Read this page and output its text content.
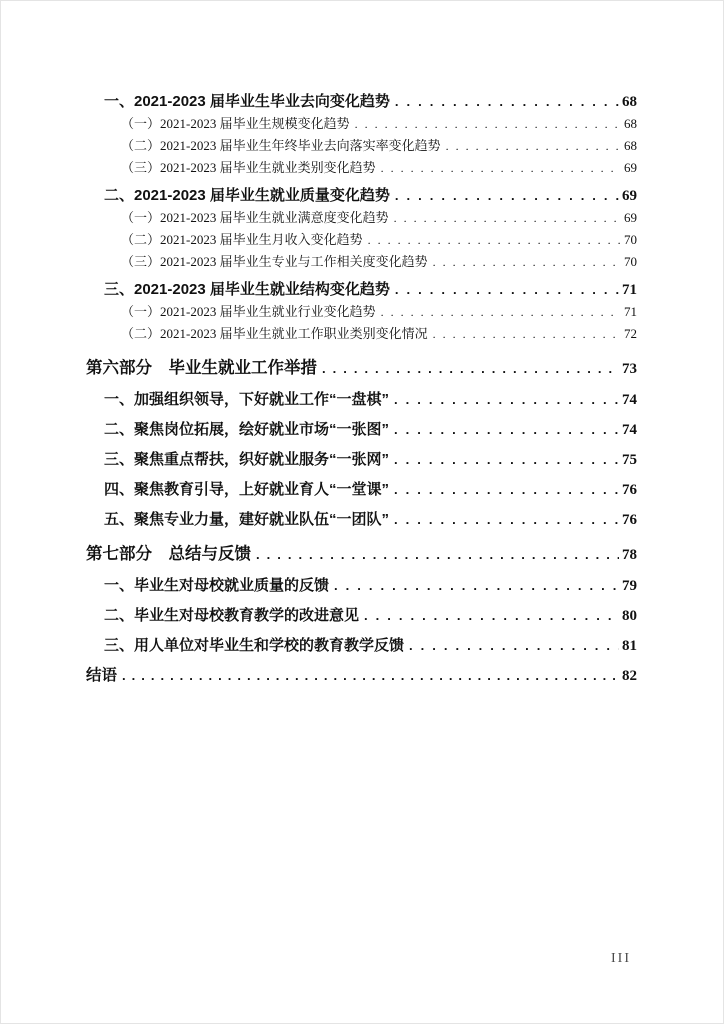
一、2021-2023 届毕业生毕业去向变化趋势 .....	68
（一）2021-2023 届毕业生规模变化趋势 .....	68
（二）2021-2023 届毕业生年终毕业去向落实率变化趋势 .....	68
（三）2021-2023 届毕业生就业类别变化趋势 .....	69
二、2021-2023 届毕业生就业质量变化趋势 .....	69
（一）2021-2023 届毕业生就业满意度变化趋势 .....	69
（二）2021-2023 届毕业生月收入变化趋势 .....	70
（三）2021-2023 届毕业生专业与工作相关度变化趋势 .....	70
三、2021-2023 届毕业生就业结构变化趋势 .....	71
（一）2021-2023 届毕业生就业行业变化趋势 .....	71
（二）2021-2023 届毕业生就业工作职业类别变化情况 .....	72
第六部分　毕业生就业工作举措 .....	73
一、加强组织领导，下好就业工作“一盘棋” .....	74
二、聚焦岗位拓展，绘好就业市场“一张图” .....	74
三、聚焦重点帮扶，织好就业服务“一张网” .....	75
四、聚焦教育引导，上好就业育人“一堂课” .....	76
五、聚焦专业力量，建好就业队伍“一团队” .....	76
第七部分　总结与反馈 .....	78
一、毕业生对母校就业质量的反馈 .....	79
二、毕业生对母校教育教学的改进意见 .....	80
三、用人单位对毕业生和学校的教育教学反馈 .....	81
结语 .....	82
III
